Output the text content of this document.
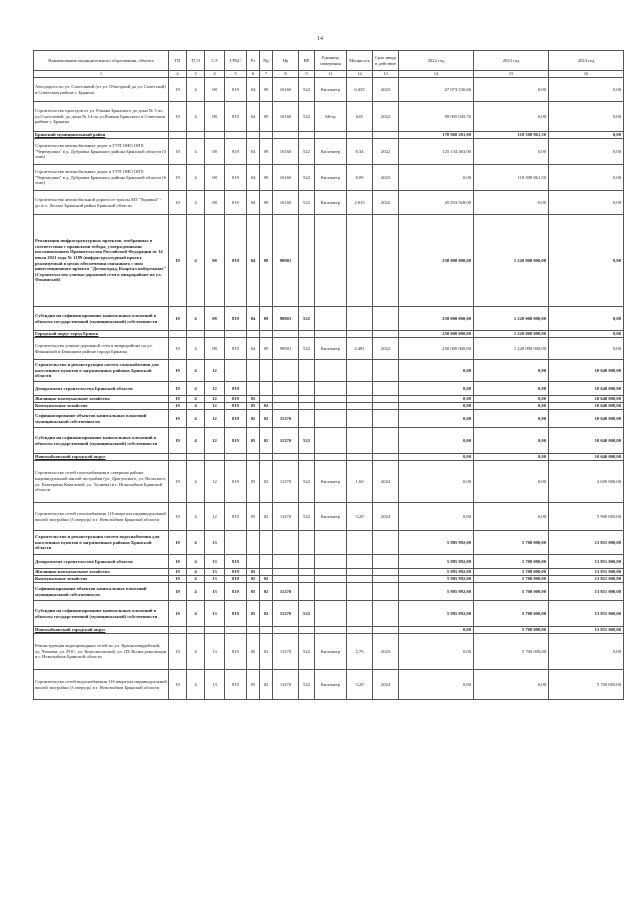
14
Наименование муниципального образования, объекта	ГП	ТСЭ	СЭ	ГРБС	Рз	Пр	Нр	ВР	Единица измерения	Мощность	Срок ввода в действие	2022 год	2023 год	2024 год
1	2	3	4	5	6	7	8	9	11	12	13	14	15	16
Автодорога по ул. Счастливой (от ул. Объездной до ул. Советской) в Советском районе г. Брянска	19	4	08	819	04	09	16160	522	Километр	0,435	2023	67 073 536,66	0,00	0,00
Строительство проездов от ул. Романа Брянского до дома № 5 по ул.Счастливой, до дома № 14 по ул.Романа Брянского в Советском районе г. Брянска	19	4	08	819	04	09	16160	522	Метр	645	2022	99 005 045,76	0,00	0,00
Брянский муниципальный район												170 968 201,00	118 508 861,50	0,00
Строительство автомобильных дорог в ГУП ОНО ОПХ "Черемушки" в д. Дубровка Брянского района Брянской области (5 этап)	19	4	08	819	04	09	16160	522	Километр	8,34	2022	125 134 463,00	0,00	0,00
Строительство автомобильных дорог в ГУП ОНО ОПХ "Черемушки" в д. Дубровка Брянского района Брянской области (6 этап)	19	4	08	819	04	09	16160	522	Километр	8,09	2023	0,00	118 508 861,50	0,00
Строительство автомобильной дороги от трассы М3 "Украина" - до п.п. Лесное Брянский район Брянской области	19	4	08	819	04	09	16160	522	Километр	2,915	2022	45 833 928,00	0,00	0,00
Реализация инфраструктурных проектов, отобранных в соответствии с правилами отбора, утвержденными постановлением Правительства Российской Федерации от 14 июля 2021 года № 1189 (инфраструктурный проект, реализуемый в целях обеспечения связанного с ним инвестиционного проекта "Десногорад, Квартал набережных" (Строительство улично-дорожной сети в микрорайоне по ул. Фокинской)	19	4	08	819	04	09	98001					250 000 000,00	1 220 000 000,00	0,00
Субсидии на софинансирование капитальных вложений в объекты государственной (муниципальной) собственности	19	4	08	819	04	09	98001	522				250 000 000,00	1 220 000 000,00	0,00
Городской округ город Брянск												250 000 000,00	1 220 000 000,00	0,00
Строительство улично-дорожной сети в микрорайоне по ул. Фокинской в Бежицком районе города Брянска	19	4	08	819	04	09	98001	522	Километр	4,481	2022	250 000 000,00	1 220 000 000,00	0,00
Строительство и реконструкция систем газоснабжения для населенных пунктов в загрязненных районах Брянской области	19	4	12									0,00	0,00	10 640 000,00
Департамент строительства Брянской области	19	4	12	819								0,00	0,00	10 640 000,00
Жилищно-коммунальное хозяйство	19	4	12	819	05							0,00	0,00	10 640 000,00
Коммунальное хозяйство	19	4	12	819	05	02						0,00	0,00	10 640 000,00
Софинансирование объектов капитальных вложений муниципальной собственности	19	4	12	819	05	02	11270					0,00	0,00	10 640 000,00
Субсидии на софинансирование капитальных вложений в объекты государственной (муниципальной) собственности	19	4	12	819	05	02	11270	522				0,00	0,00	10 640 000,00
Новозыбковский городской округ												0,00	0,00	10 640 000,00
Строительство сетей газоснабжения в северном районе индивидуальной жилой застройки (ул. Драгунского, ул. Вольского, ул. Екатерины Ковалевой, ул. Талиева) в г. Новозыбков Брянской области	19	4	12	819	05	02	11270	522	Километр	1,60	2024	0,00	0,00	4 650 000,00
Строительство сетей газоснабжения 116 квартала индивидуальной жилой застройки (3 очередь) в г. Новозыбков Брянской области	19	4	12	819	05	02	11270	522	Километр	3,20	2024	0,00	0,00	5 990 000,00
Строительство и реконструкция систем водоснабжения для населенных пунктов в загрязненных районах Брянской области	19	4	13									5 985 992,00	5 700 000,00	13 851 000,00
Департамент строительства Брянской области	19	4	13	819								5 985 992,00	5 700 000,00	13 851 000,00
Жилищно-коммунальное хозяйство	19	4	13	819	05							5 985 992,00	5 700 000,00	13 851 000,00
Коммунальное хозяйство	19	4	13	819	05	02						5 985 992,00	5 700 000,00	13 851 000,00
Софинансирование объектов капитальных вложений муниципальной собственности	19	4	13	819	05	02	11270					5 985 992,00	5 700 000,00	13 851 000,00
Субсидии на софинансирование капитальных вложений в объекты государственной (муниципальной) собственности	19	4	13	819	05	02	11270	522				5 985 992,00	5 700 000,00	13 851 000,00
Новозыбковский городской округ												0,00	5 700 000,00	13 851 000,00
Реконструкция водопроводных сетей по ул. Красногвардейской, ул. Чапаева, ул. РОС, ул. Комсомольской, ул. ОХ Волна революции в г. Новозыбков Брянской области	19	4	13	819	05	02	11270	522	Километр	2,76	2023	0,00	5 700 000,00	0,00
Строительство сетей водоснабжения 116 квартала индивидуальной жилой застройки (3 очередь) в г. Новозыбков Брянской области	19	4	13	819	05	02	11270	522	Километр	3,20	2024	0,00	0,00	5 700 000,00
